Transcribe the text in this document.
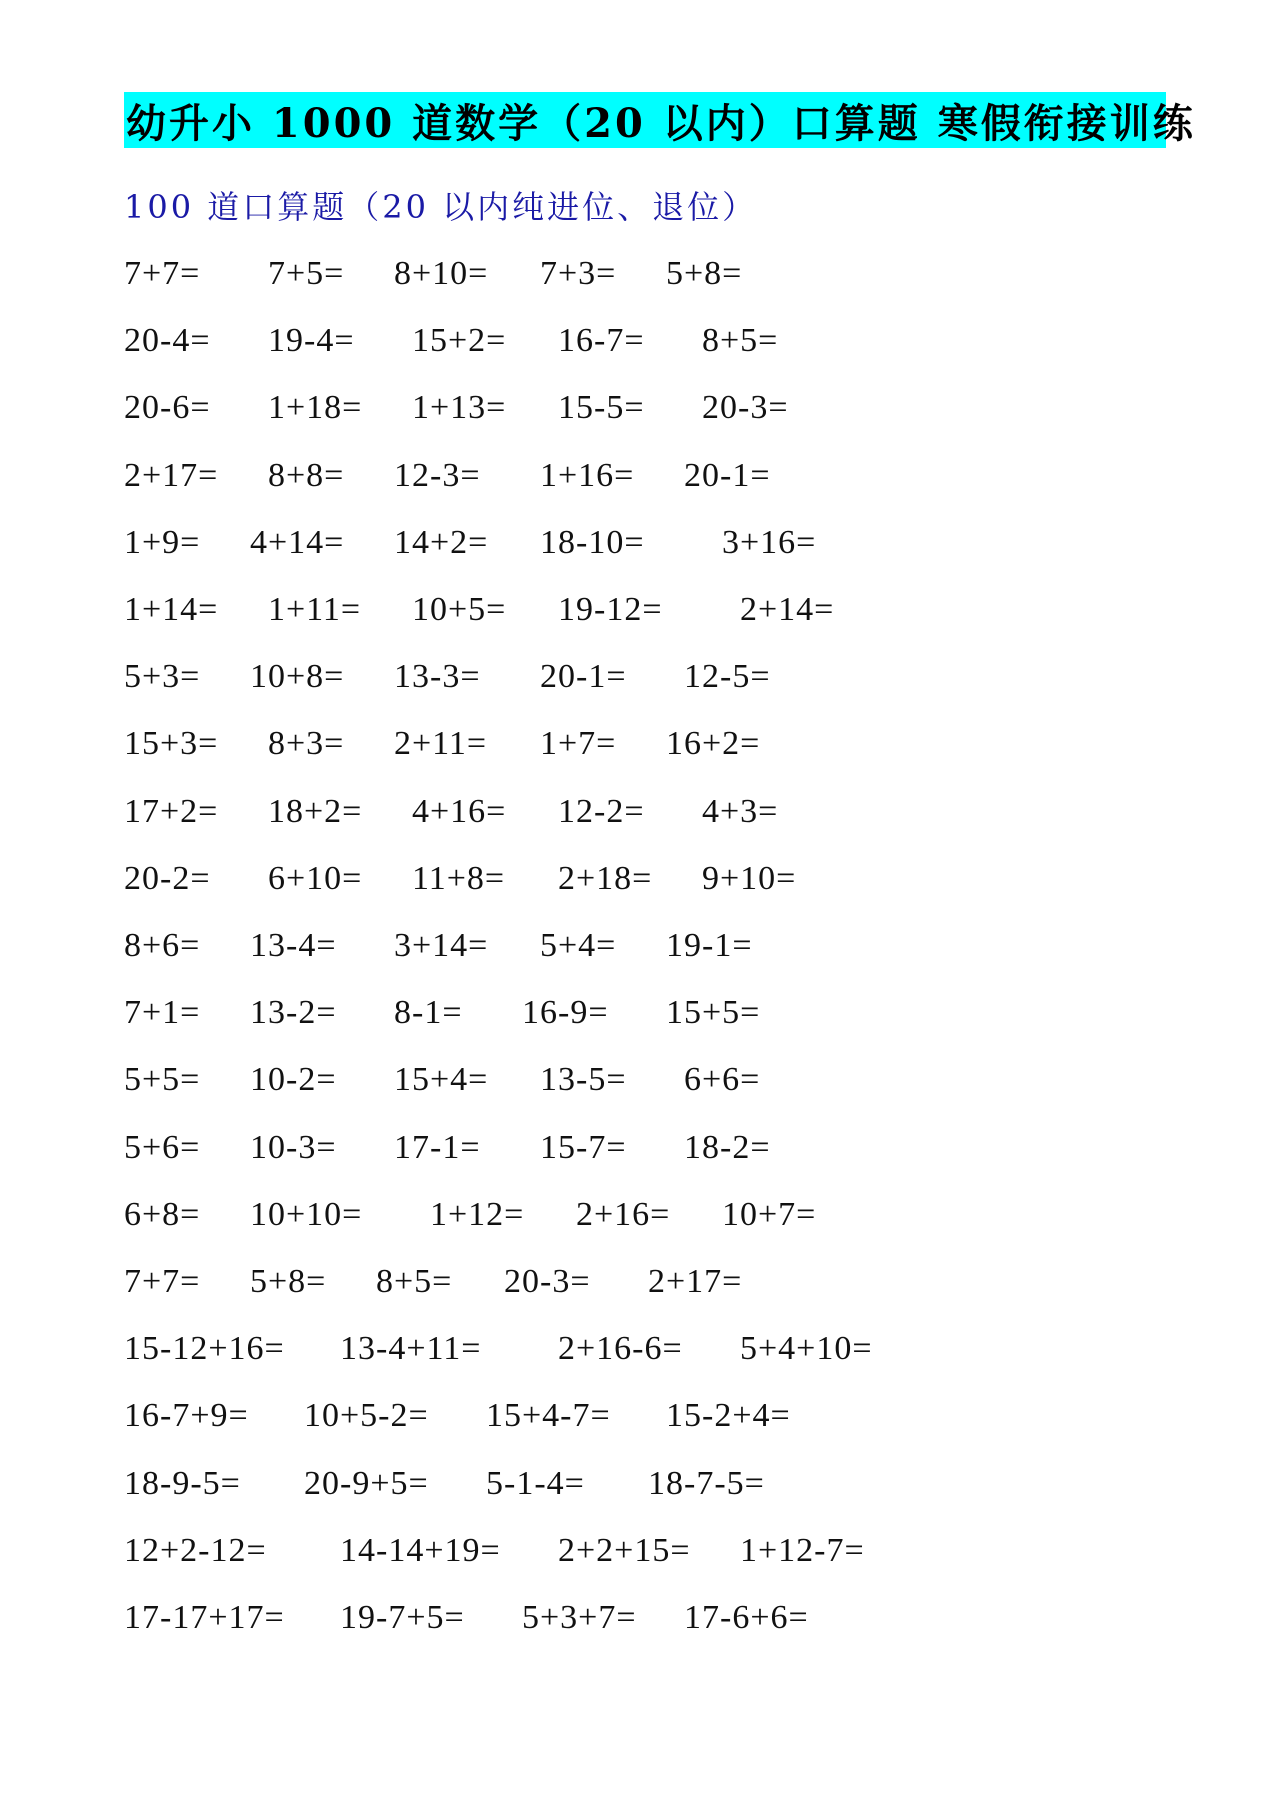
幼升小 1000 道数学（20 以内）口算题 寒假衔接训练
100 道口算题（20 以内纯进位、退位）
7+7= 7+5= 8+10= 7+3= 5+8=
20-4= 19-4= 15+2= 16-7= 8+5=
20-6= 1+18= 1+13= 15-5= 20-3=
2+17= 8+8= 12-3= 1+16= 20-1=
1+9= 4+14= 14+2= 18-10= 3+16=
1+14= 1+11= 10+5= 19-12= 2+14=
5+3= 10+8= 13-3= 20-1= 12-5=
15+3= 8+3= 2+11= 1+7= 16+2=
17+2= 18+2= 4+16= 12-2= 4+3=
20-2= 6+10= 11+8= 2+18= 9+10=
8+6= 13-4= 3+14= 5+4= 19-1=
7+1= 13-2= 8-1= 16-9= 15+5=
5+5= 10-2= 15+4= 13-5= 6+6=
5+6= 10-3= 17-1= 15-7= 18-2=
6+8= 10+10= 1+12= 2+16= 10+7=
7+7= 5+8= 8+5= 20-3= 2+17=
15-12+16= 13-4+11= 2+16-6= 5+4+10=
16-7+9= 10+5-2= 15+4-7= 15-2+4=
18-9-5= 20-9+5= 5-1-4= 18-7-5=
12+2-12= 14-14+19= 2+2+15= 1+12-7=
17-17+17= 19-7+5= 5+3+7= 17-6+6=
